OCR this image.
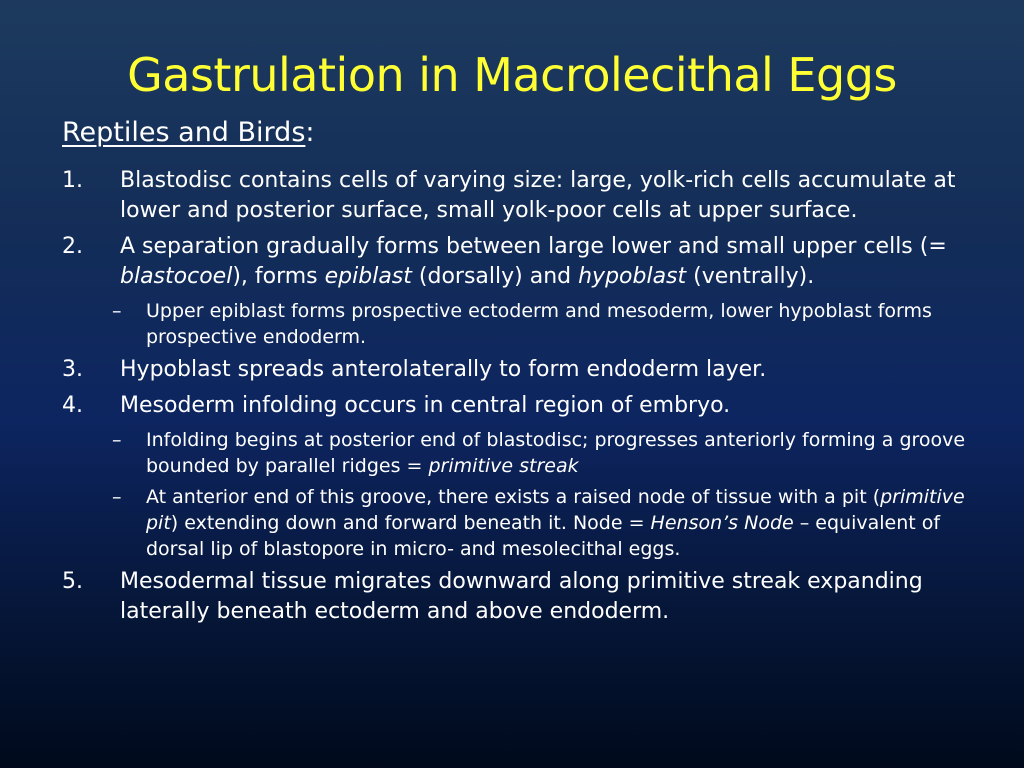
Gastrulation in Macrolecithal Eggs
Reptiles and Birds:
1.	Blastodisc contains cells of varying size: large, yolk-rich cells accumulate at lower and posterior surface, small yolk-poor cells at upper surface.
2.	A separation gradually forms between large lower and small upper cells (= blastocoel), forms epiblast (dorsally) and hypoblast (ventrally).
–	Upper epiblast forms prospective ectoderm and mesoderm, lower hypoblast forms prospective endoderm.
3.	Hypoblast spreads anterolaterally to form endoderm layer.
4.	Mesoderm infolding occurs in central region of embryo.
–	Infolding begins at posterior end of blastodisc; progresses anteriorly forming a groove bounded by parallel ridges = primitive streak
–	At anterior end of this groove, there exists a raised node of tissue with a pit (primitive pit) extending down and forward beneath it. Node = Henson’s Node – equivalent of dorsal lip of blastopore in micro- and mesolecithal eggs.
5.	Mesodermal tissue migrates downward along primitive streak expanding laterally beneath ectoderm and above endoderm.
